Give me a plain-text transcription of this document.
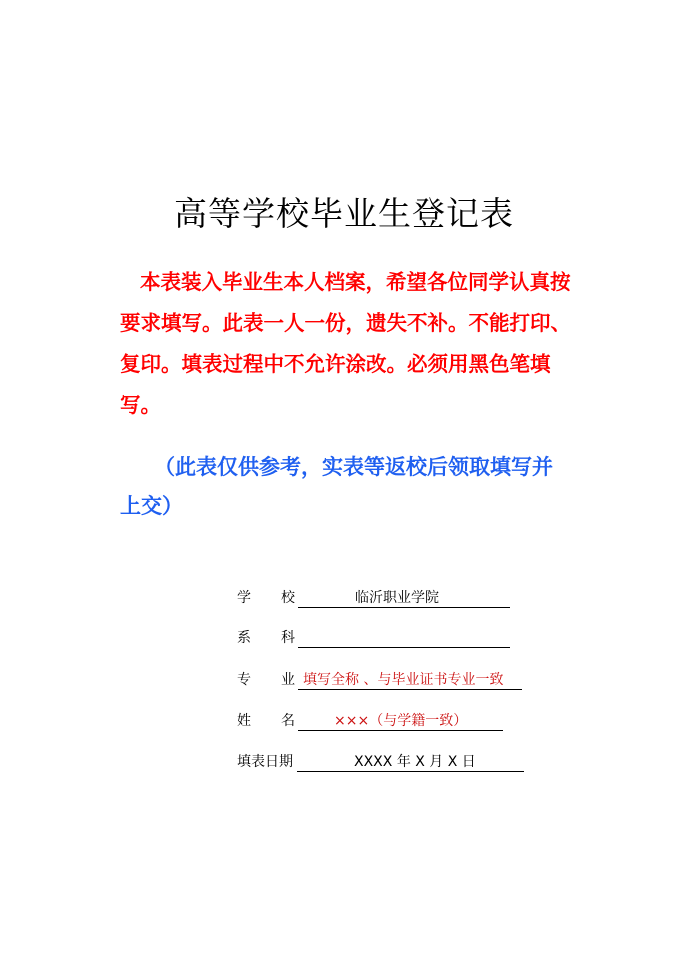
高等学校毕业生登记表

本表装入毕业生本人档案，希望各位同学认真按要求填写。此表一人一份，遗失不补。不能打印、复印。填表过程中不允许涂改。必须用黑色笔填写。

（此表仅供参考，实表等返校后领取填写并上交）

学 校	临沂职业学院
系 科
专 业 填写全称 、与毕业证书专业一致
姓 名	×××（与学籍一致）
填表日期	XXXX 年 X 月 X 日
